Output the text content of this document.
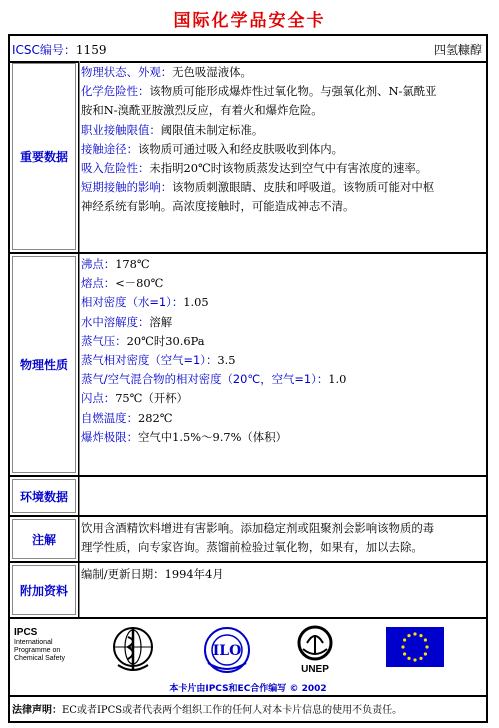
国际化学品安全卡
ICSC编号：1159	四氢糠醇
重要数据
物理状态、外观：无色吸湿液体。
化学危险性：该物质可能形成爆炸性过氧化物。与强氧化剂、N-氯酰亚
胺和N-溴酰亚胺激烈反应，有着火和爆炸危险。
职业接触限值：阈限值未制定标准。
接触途径：该物质可通过吸入和经皮肤吸收到体内。
吸入危险性：未指明20℃时该物质蒸发达到空气中有害浓度的速率。
短期接触的影响：该物质刺激眼睛、皮肤和呼吸道。该物质可能对中枢
神经系统有影响。高浓度接触时，可能造成神志不清。
物理性质
沸点：178℃
熔点：<－80℃
相对密度（水=1）：1.05
水中溶解度：溶解
蒸气压：20℃时30.6Pa
蒸气相对密度（空气=1）：3.5
蒸气/空气混合物的相对密度（20℃，空气=1）：1.0
闪点：75℃（开杯）
自燃温度：282℃
爆炸极限：空气中1.5%～9.7%（体积）
环境数据
注解
饮用含酒精饮料增进有害影响。添加稳定剂或阻聚剂会影响该物质的毒
理学性质，向专家咨询。蒸馏前检验过氧化物，如果有，加以去除。
附加资料
编制/更新日期：1994年4月
IPCS
International
Programme on
Chemical Safety	ILO
UNEP
本卡片由IPCS和EC合作编写 © 2002
法律声明：EC或者IPCS或者代表两个组织工作的任何人对本卡片信息的使用不负责任。
